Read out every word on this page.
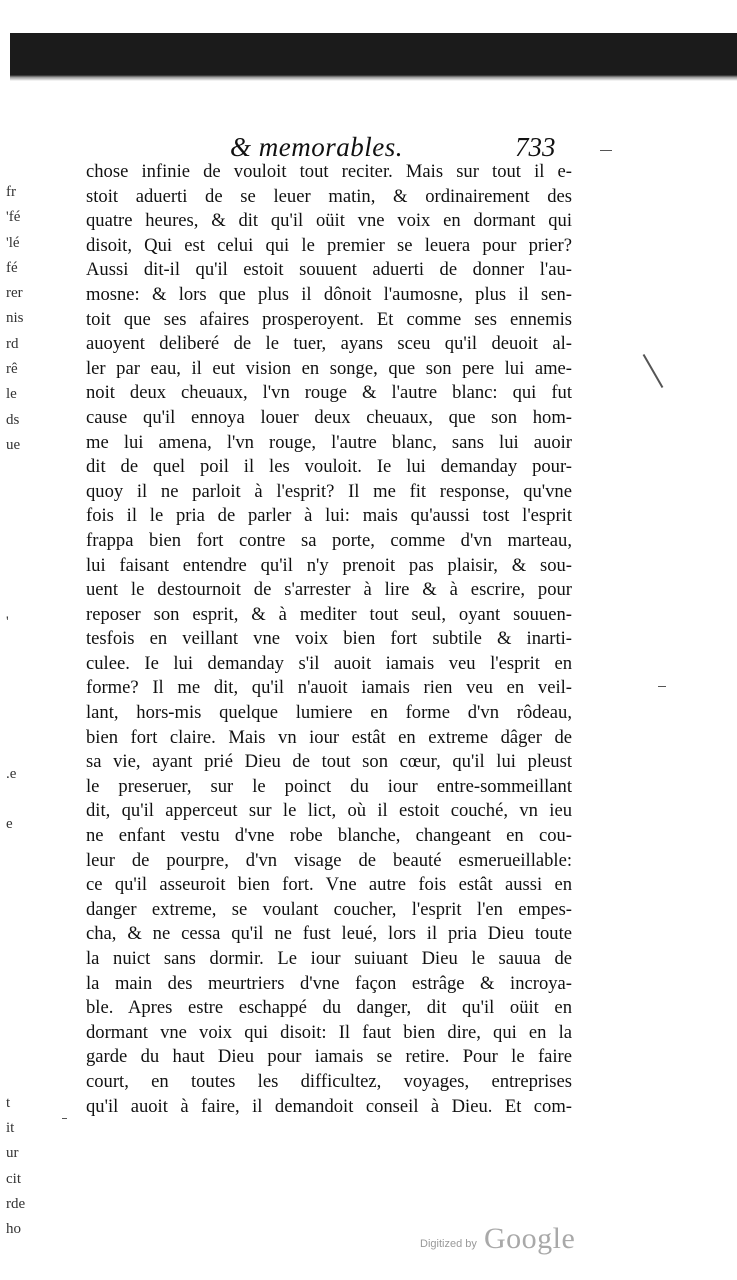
& memorables.	733
fr
'fé
'lé
fé
rer
nis
rd
rê
le
ds
ue
'
.e
e
t
it
ur
cit
rde
ho
chose infinie de vouloit tout reciter. Mais sur tout il e-
stoit aduerti de se leuer matin, & ordinairement des
quatre heures, & dit qu'il oüit vne voix en dormant qui
disoit, Qui est celui qui le premier se leuera pour prier?
Aussi dit-il qu'il estoit souuent aduerti de donner l'au-
mosne: & lors que plus il dônoit l'aumosne, plus il sen-
toit que ses afaires prosperoyent. Et comme ses ennemis
auoyent deliberé de le tuer, ayans sceu qu'il deuoit al-
ler par eau, il eut vision en songe, que son pere lui ame-
noit deux cheuaux, l'vn rouge & l'autre blanc: qui fut
cause qu'il ennoya louer deux cheuaux, que son hom-
me lui amena, l'vn rouge, l'autre blanc, sans lui auoir
dit de quel poil il les vouloit. Ie lui demanday pour-
quoy il ne parloit à l'esprit? Il me fit response, qu'vne
fois il le pria de parler à lui: mais qu'aussi tost l'esprit
frappa bien fort contre sa porte, comme d'vn marteau,
lui faisant entendre qu'il n'y prenoit pas plaisir, & sou-
uent le destournoit de s'arrester à lire & à escrire, pour
reposer son esprit, & à mediter tout seul, oyant souuen-
tesfois en veillant vne voix bien fort subtile & inarti-
culee. Ie lui demanday s'il auoit iamais veu l'esprit en
forme? Il me dit, qu'il n'auoit iamais rien veu en veil-
lant, hors-mis quelque lumiere en forme d'vn rôdeau,
bien fort claire. Mais vn iour estât en extreme dâger de
sa vie, ayant prié Dieu de tout son cœur, qu'il lui pleust
le preseruer, sur le poinct du iour entre-sommeillant
dit, qu'il apperceut sur le lict, où il estoit couché, vn ieu
ne enfant vestu d'vne robe blanche, changeant en cou-
leur de pourpre, d'vn visage de beauté esmerueillable:
ce qu'il asseuroit bien fort. Vne autre fois estât aussi en
danger extreme, se voulant coucher, l'esprit l'en empes-
cha, & ne cessa qu'il ne fust leué, lors il pria Dieu toute
la nuict sans dormir. Le iour suiuant Dieu le sauua de
la main des meurtriers d'vne façon estrâge & incroya-
ble. Apres estre eschappé du danger, dit qu'il oüit en
dormant vne voix qui disoit: Il faut bien dire, qui en la
garde du haut Dieu pour iamais se retire. Pour le faire
court, en toutes les difficultez, voyages, entreprises
qu'il auoit à faire, il demandoit conseil à Dieu. Et com-
Digitized by Google
